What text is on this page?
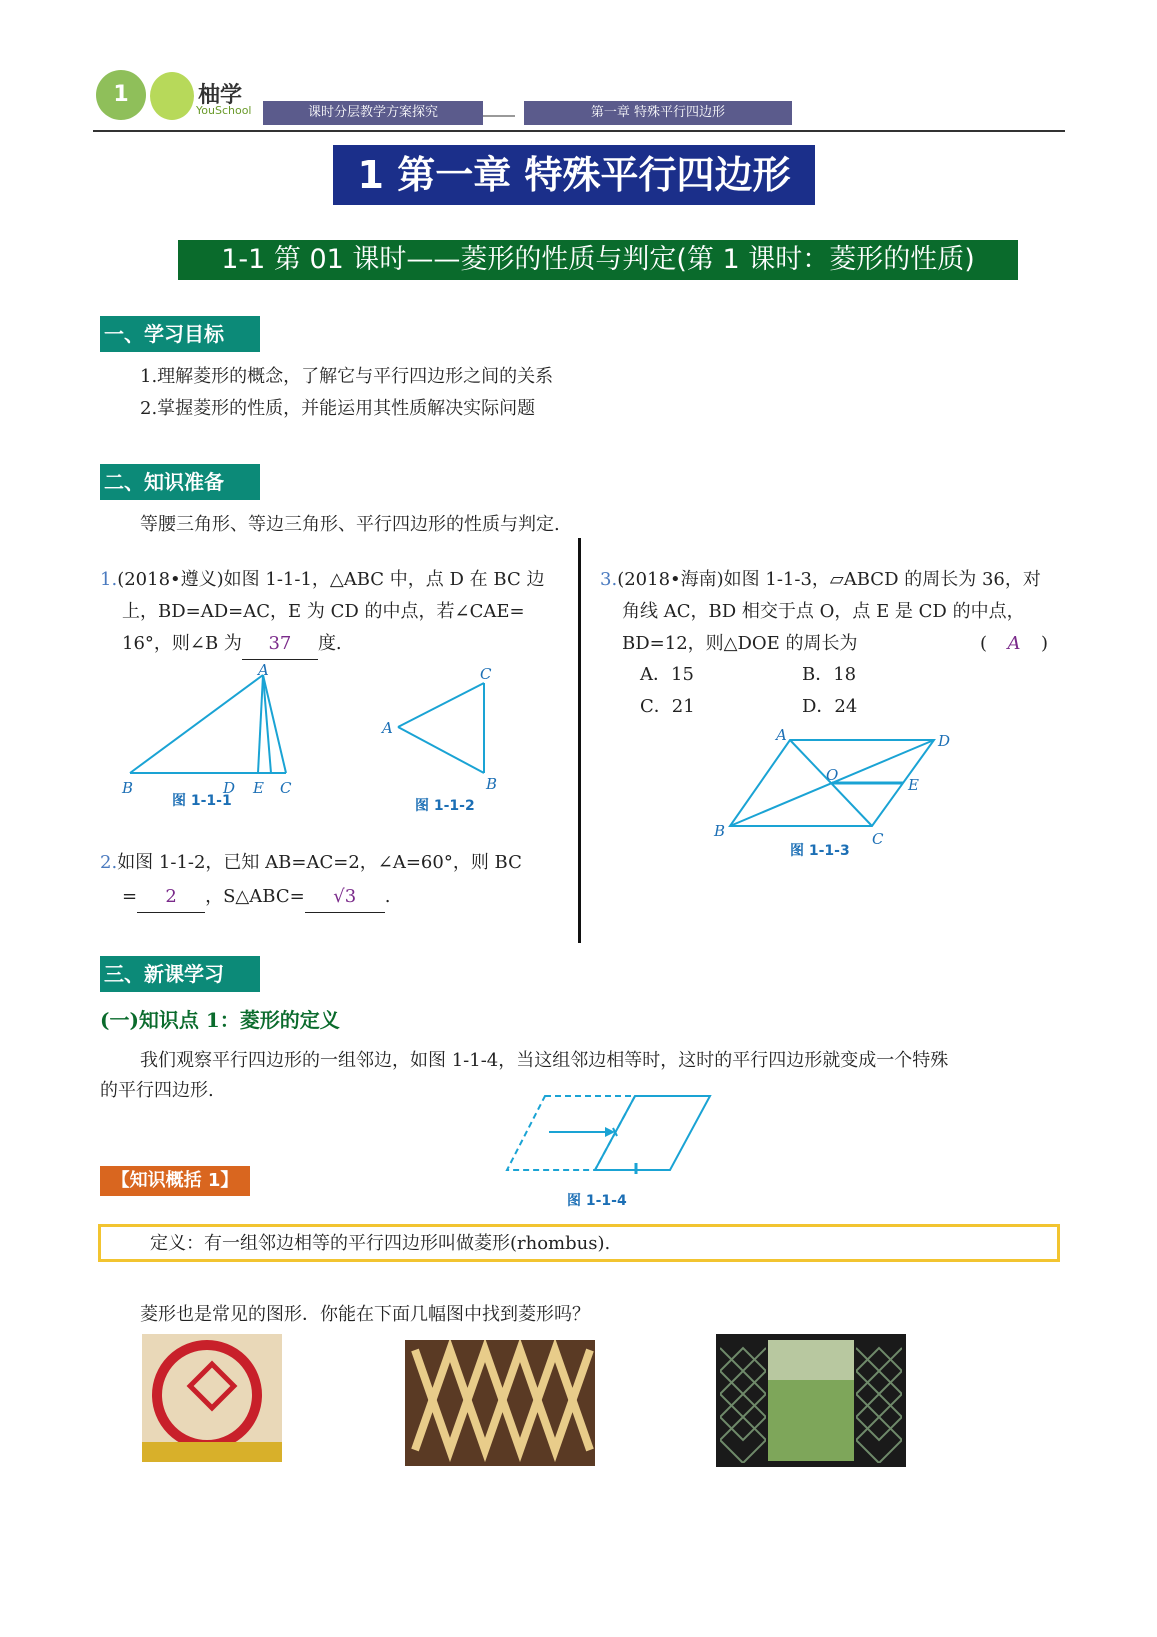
1	柚学
YouSchool	课时分层教学方案探究	第一章 特殊平行四边形
1 第一章 特殊平行四边形
1-1 第 01 课时——菱形的性质与判定(第 1 课时：菱形的性质)
一、学习目标
1.理解菱形的概念，了解它与平行四边形之间的关系
2.掌握菱形的性质，并能运用其性质解决实际问题
二、知识准备
等腰三角形、等边三角形、平行四边形的性质与判定.
1.(2018•遵义)如图 1-1-1，△ABC 中，点 D 在 BC 边
上，BD=AD=AC，E 为 CD 的中点，若∠CAE=
16°，则∠B 为 37 度.
A
B	D E C
图 1-1-1
A
B
C
图 1-1-2
2.如图 1-1-2，已知 AB=AC=2，∠A=60°，则 BC
= 2 ，S△ABC= √3 .
3.(2018•海南)如图 1-1-3，▱ABCD 的周长为 36，对
角线 AC，BD 相交于点 O，点 E 是 CD 的中点，
BD=12，则△DOE 的周长为	( A )
A．15	B．18
C．21	D．24
A	D
O
E
B	C
图 1-1-3
三、新课学习
(一)知识点 1：菱形的定义
我们观察平行四边形的一组邻边，如图 1-1-4，当这组邻边相等时，这时的平行四边形就变成一个特殊
的平行四边形.
图 1-1-4
【知识概括 1】
定义：有一组邻边相等的平行四边形叫做菱形(rhombus).
菱形也是常见的图形．你能在下面几幅图中找到菱形吗？
